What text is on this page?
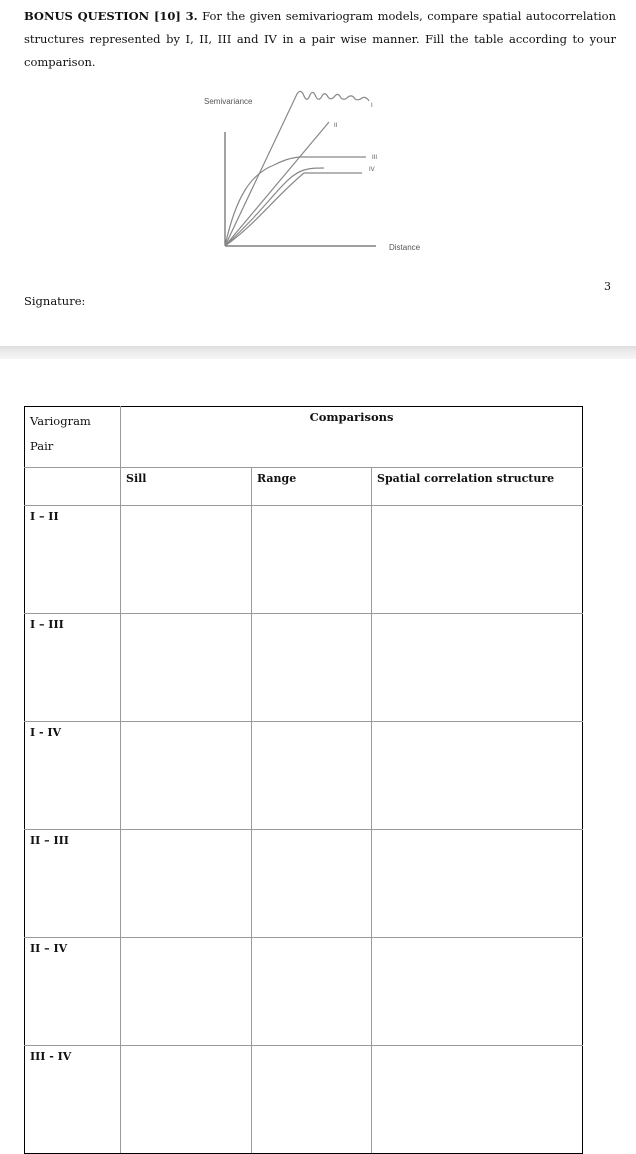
BONUS QUESTION [10] 3. For the given semivariogram models, compare spatial autocorrelation structures represented by I, II, III and IV in a pair wise manner. Fill the table according to your comparison.
Semivariance
Distance
I
II
III
IV
3
Signature:
Variogram
Pair	Comparisons		
	Sill	Range	Spatial correlation structure
I – II			
I – III			
I - IV			
II – III			
II – IV			
III - IV			
